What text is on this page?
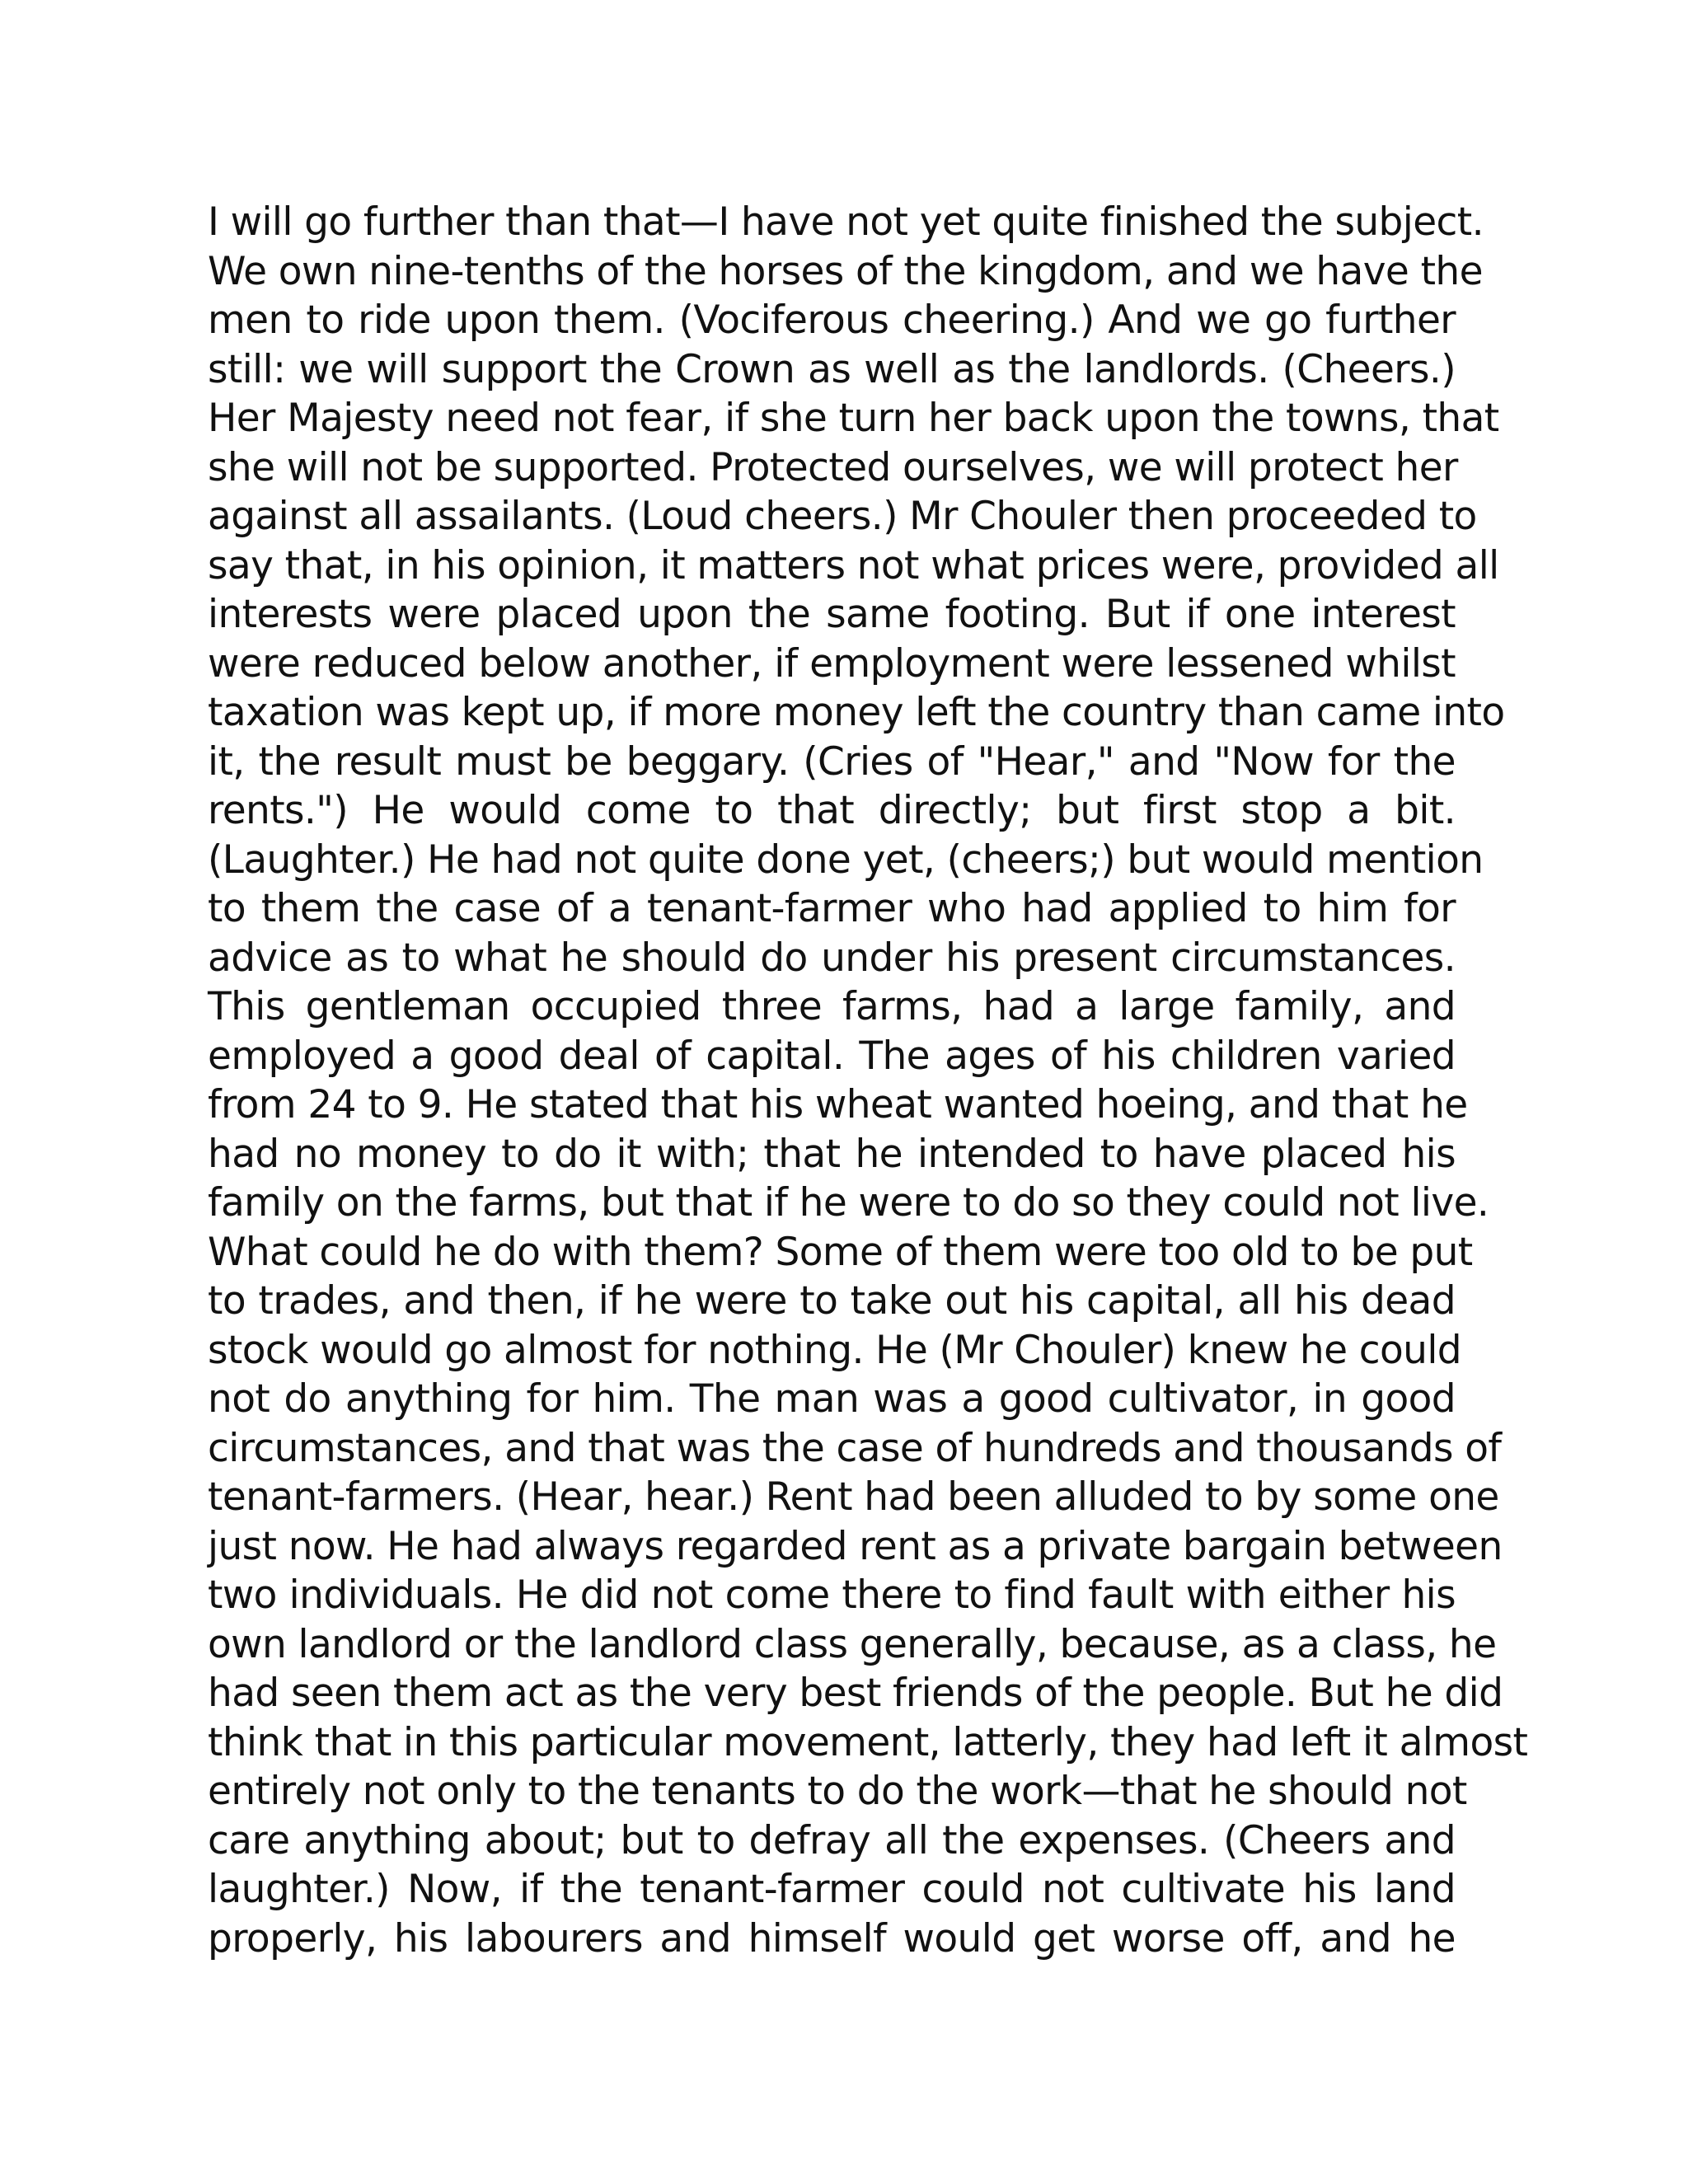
I will go further than that—I have not yet quite finished the subject.
We own nine-tenths of the horses of the kingdom, and we have the
men to ride upon them. (Vociferous cheering.) And we go further
still: we will support the Crown as well as the landlords. (Cheers.)
Her Majesty need not fear, if she turn her back upon the towns, that
she will not be supported. Protected ourselves, we will protect her
against all assailants. (Loud cheers.) Mr Chouler then proceeded to
say that, in his opinion, it matters not what prices were, provided all
interests were placed upon the same footing. But if one interest
were reduced below another, if employment were lessened whilst
taxation was kept up, if more money left the country than came into
it, the result must be beggary. (Cries of "Hear," and "Now for the
rents.") He would come to that directly; but first stop a bit.
(Laughter.) He had not quite done yet, (cheers;) but would mention
to them the case of a tenant-farmer who had applied to him for
advice as to what he should do under his present circumstances.
This gentleman occupied three farms, had a large family, and
employed a good deal of capital. The ages of his children varied
from 24 to 9. He stated that his wheat wanted hoeing, and that he
had no money to do it with; that he intended to have placed his
family on the farms, but that if he were to do so they could not live.
What could he do with them? Some of them were too old to be put
to trades, and then, if he were to take out his capital, all his dead
stock would go almost for nothing. He (Mr Chouler) knew he could
not do anything for him. The man was a good cultivator, in good
circumstances, and that was the case of hundreds and thousands of
tenant-farmers. (Hear, hear.) Rent had been alluded to by some one
just now. He had always regarded rent as a private bargain between
two individuals. He did not come there to find fault with either his
own landlord or the landlord class generally, because, as a class, he
had seen them act as the very best friends of the people. But he did
think that in this particular movement, latterly, they had left it almost
entirely not only to the tenants to do the work—that he should not
care anything about; but to defray all the expenses. (Cheers and
laughter.) Now, if the tenant-farmer could not cultivate his land
properly, his labourers and himself would get worse off, and he
